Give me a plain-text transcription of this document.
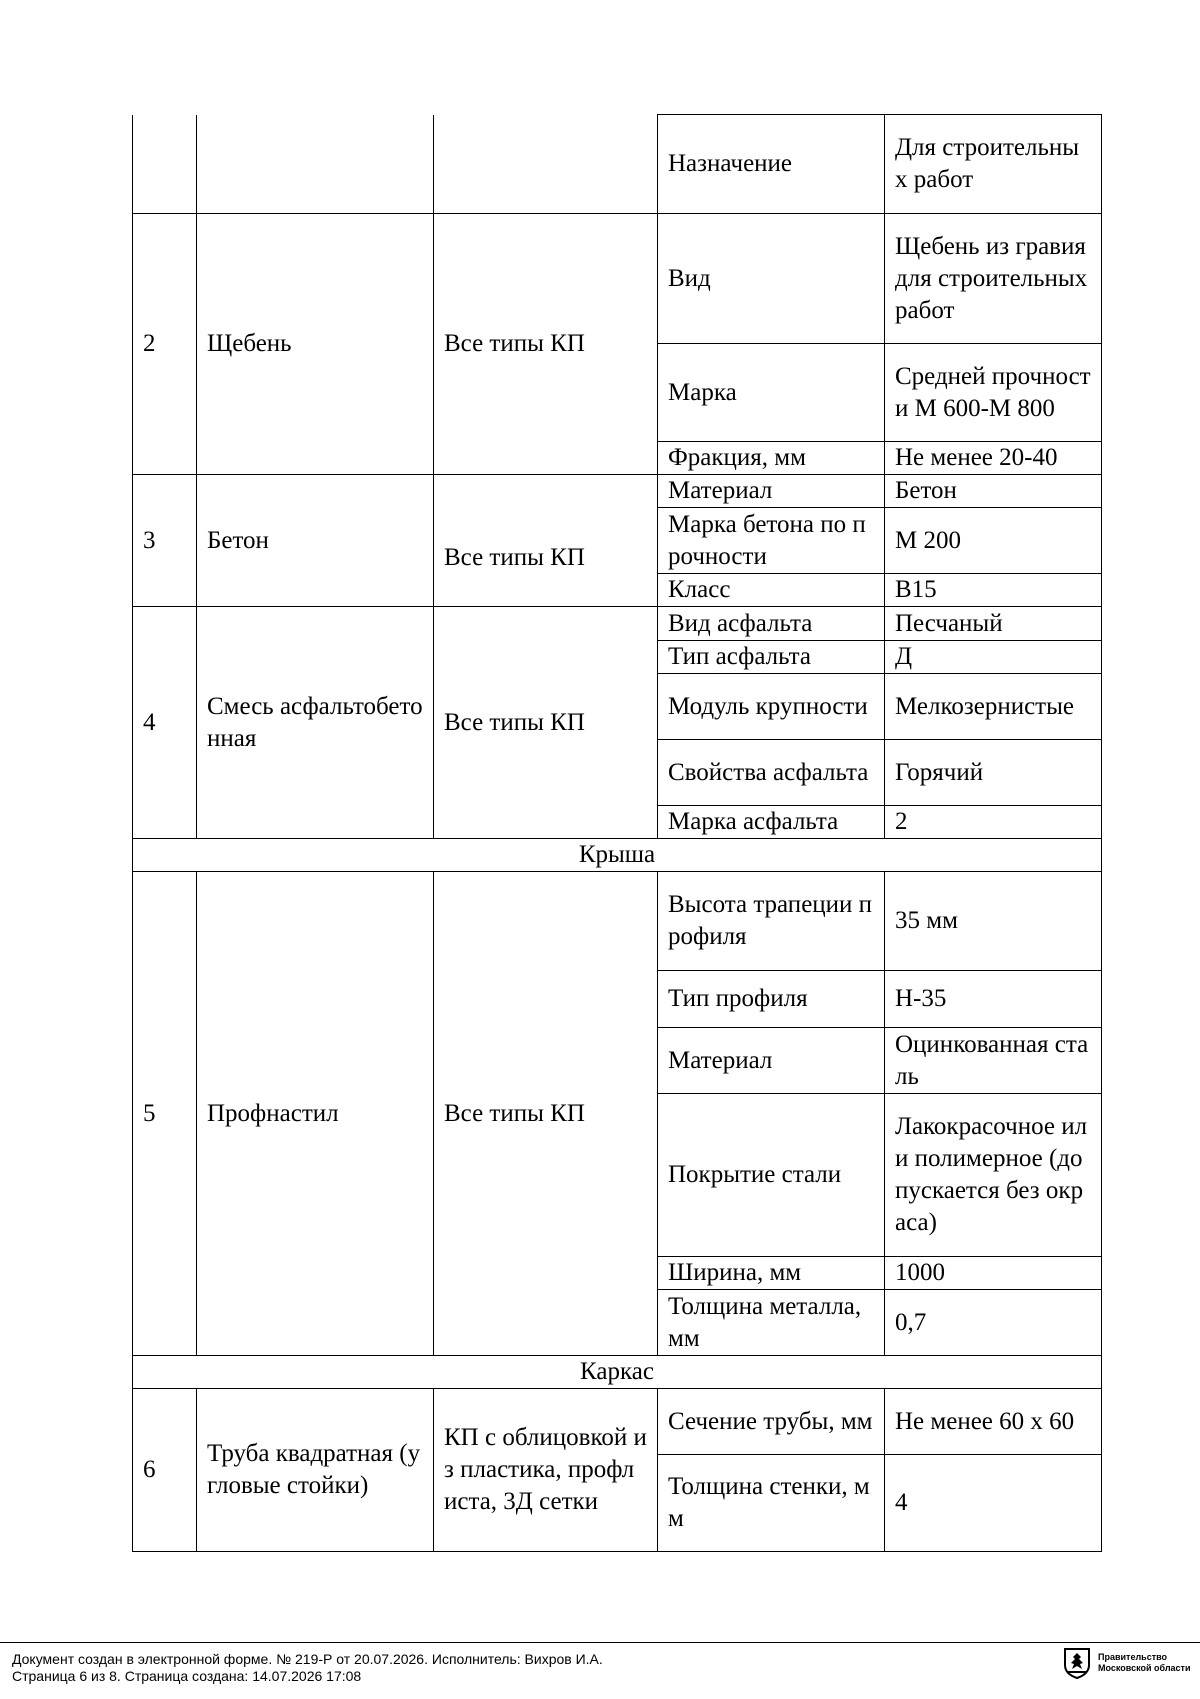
			Назначение	Для строительных работ
2	Щебень	Все типы КП	Вид	Щебень из гравия для строительных работ
			Марка	Средней прочности М 600-М 800
			Фракция, мм	Не менее 20-40
3	Бетон	Все типы КП	Материал	Бетон
			Марка бетона по прочности	М 200
			Класс	В15
4	Смесь асфальтобетонная	Все типы КП	Вид асфальта	Песчаный
			Тип асфальта	Д
			Модуль крупности	Мелкозернистые
			Свойства асфальта	Горячий
			Марка асфальта	2
Крыша				
5	Профнастил	Все типы КП	Высота трапеции профиля	35 мм
			Тип профиля	Н-35
			Материал	Оцинкованная сталь
			Покрытие стали	Лакокрасочное или полимерное (допускается без окраса)
			Ширина, мм	1000
			Толщина металла, мм	0,7
Каркас				
6	Труба квадратная (угловые стойки)	КП с облицовкой из пластика, профлиста, 3Д сетки	Сечение трубы, мм	Не менее 60 х 60
			Толщина стенки, мм	4
Документ создан в электронной форме. № 219-Р от 20.07.2026. Исполнитель: Вихров И.А.
Страница 6 из 8. Страница создана: 14.07.2026 17:08
Правительство
Московской области
